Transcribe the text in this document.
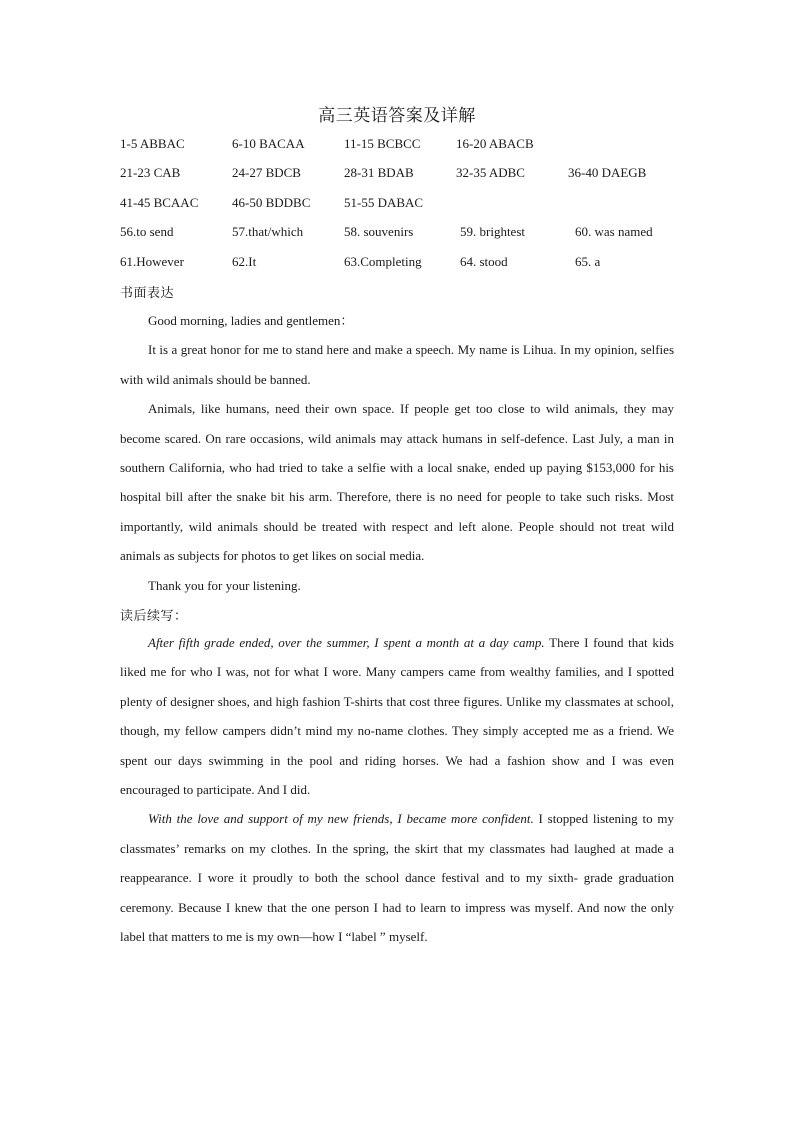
高三英语答案及详解
1-5 ABBAC	6-10 BACAA	11-15 BCBCC	16-20 ABACB
21-23 CAB	24-27 BDCB	28-31 BDAB	32-35 ADBC	36-40 DAEGB
41-45 BCAAC	46-50 BDDBC	51-55 DABAC
56.to send	57.that/which	58. souvenirs	59. brightest	60. was named
61.However	62.It	63.Completing	64. stood	65. a
书面表达

Good morning, ladies and gentlemen：

It is a great honor for me to stand here and make a speech. My name is Lihua. In my opinion, selfies with wild animals should be banned.

Animals, like humans, need their own space. If people get too close to wild animals, they may become scared. On rare occasions, wild animals may attack humans in self-defence. Last July, a man in southern California, who had tried to take a selfie with a local snake, ended up paying $153,000 for his hospital bill after the snake bit his arm. Therefore, there is no need for people to take such risks. Most importantly, wild animals should be treated with respect and left alone. People should not treat wild animals as subjects for photos to get likes on social media.

Thank you for your listening.

读后续写：

After fifth grade ended, over the summer, I spent a month at a day camp. There I found that kids liked me for who I was, not for what I wore. Many campers came from wealthy families, and I spotted plenty of designer shoes, and high fashion T-shirts that cost three figures. Unlike my classmates at school, though, my fellow campers didn’t mind my no-name clothes. They simply accepted me as a friend. We spent our days swimming in the pool and riding horses. We had a fashion show and I was even encouraged to participate. And I did.

With the love and support of my new friends, I became more confident. I stopped listening to my classmates’ remarks on my clothes. In the spring, the skirt that my classmates had laughed at made a reappearance. I wore it proudly to both the school dance festival and to my sixth- grade graduation ceremony. Because I knew that the one person I had to learn to impress was myself. And now the only label that matters to me is my own—how I “label ” myself.
